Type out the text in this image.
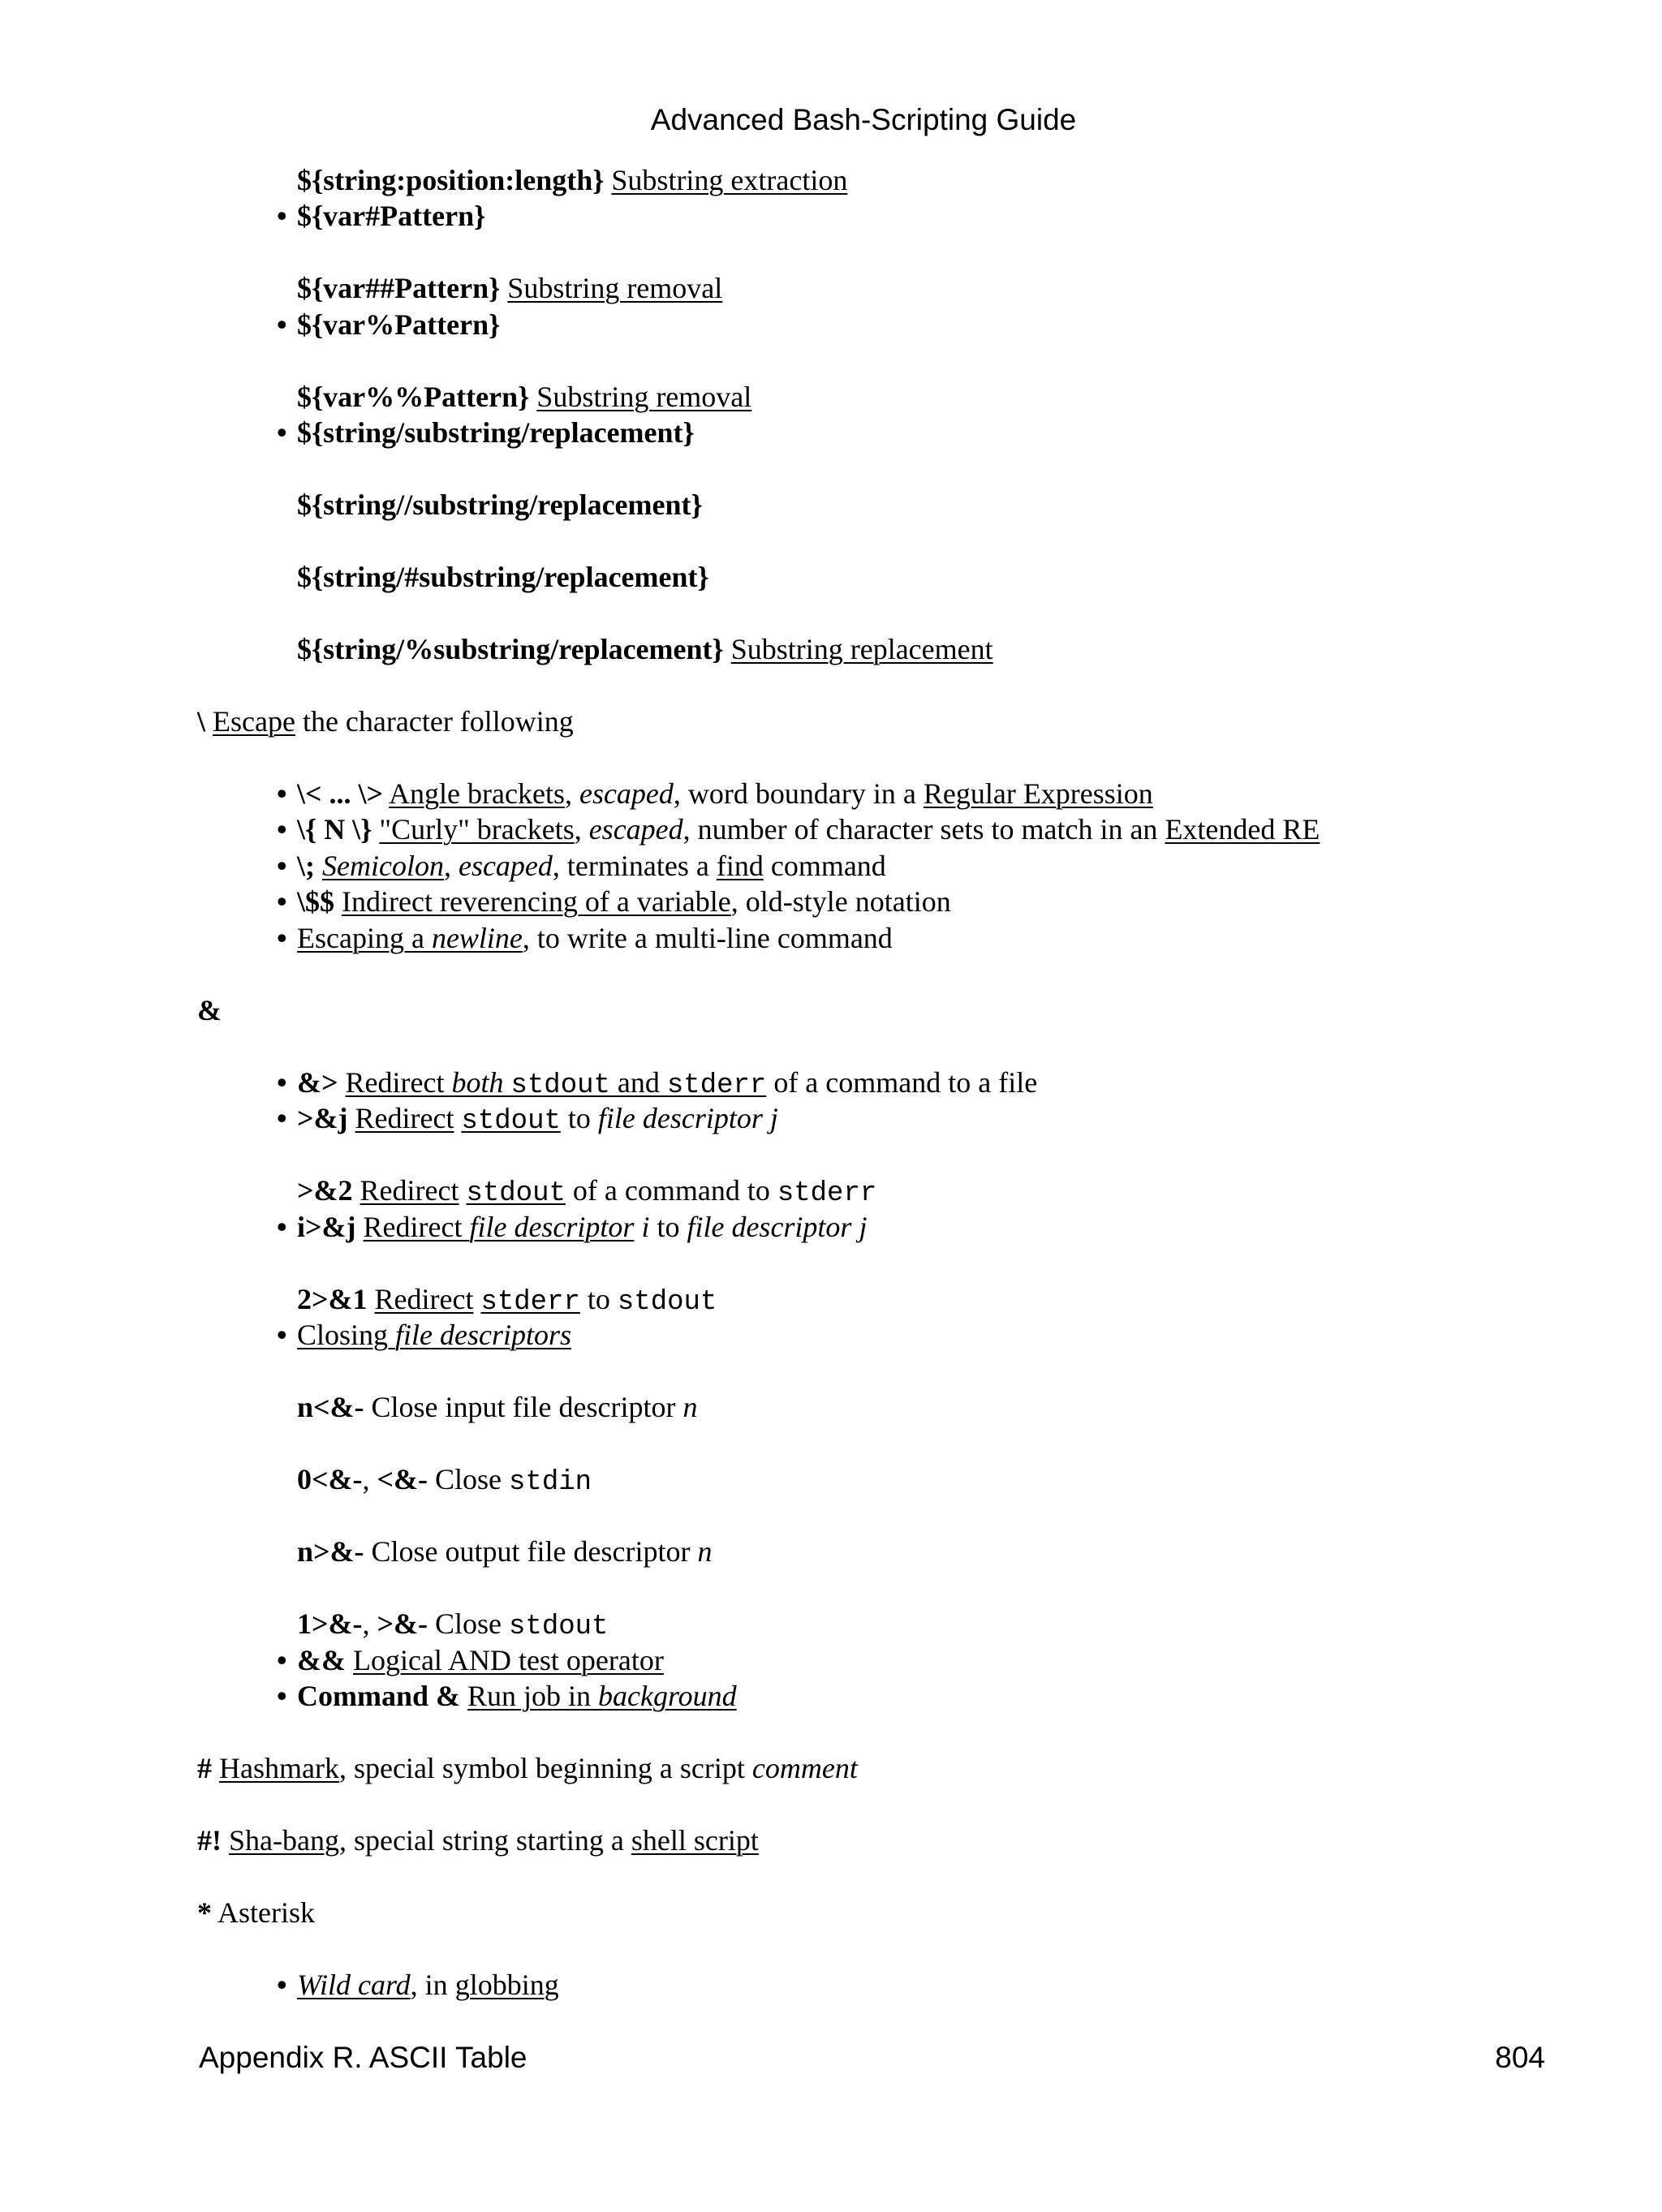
Advanced Bash-Scripting Guide
${string:position:length} Substring extraction
• ${var#Pattern}
${var##Pattern} Substring removal
• ${var%Pattern}
${var%%Pattern} Substring removal
• ${string/substring/replacement}
${string//substring/replacement}
${string/#substring/replacement}
${string/%substring/replacement} Substring replacement
\ Escape the character following
• \< ... \> Angle brackets, escaped, word boundary in a Regular Expression
• \{ N \} "Curly" brackets, escaped, number of character sets to match in an Extended RE
• \; Semicolon, escaped, terminates a find command
• \$$ Indirect reverencing of a variable, old-style notation
• Escaping a newline, to write a multi-line command
&
• &> Redirect both stdout and stderr of a command to a file
• >&j Redirect stdout to file descriptor j
>&2 Redirect stdout of a command to stderr
• i>&j Redirect file descriptor i to file descriptor j
2>&1 Redirect stderr to stdout
• Closing file descriptors
n<&- Close input file descriptor n
0<&-, <&- Close stdin
n>&- Close output file descriptor n
1>&-, >&- Close stdout
• && Logical AND test operator
• Command & Run job in background
# Hashmark, special symbol beginning a script comment
#! Sha-bang, special string starting a shell script
* Asterisk
• Wild card, in globbing
Appendix R. ASCII Table	804
